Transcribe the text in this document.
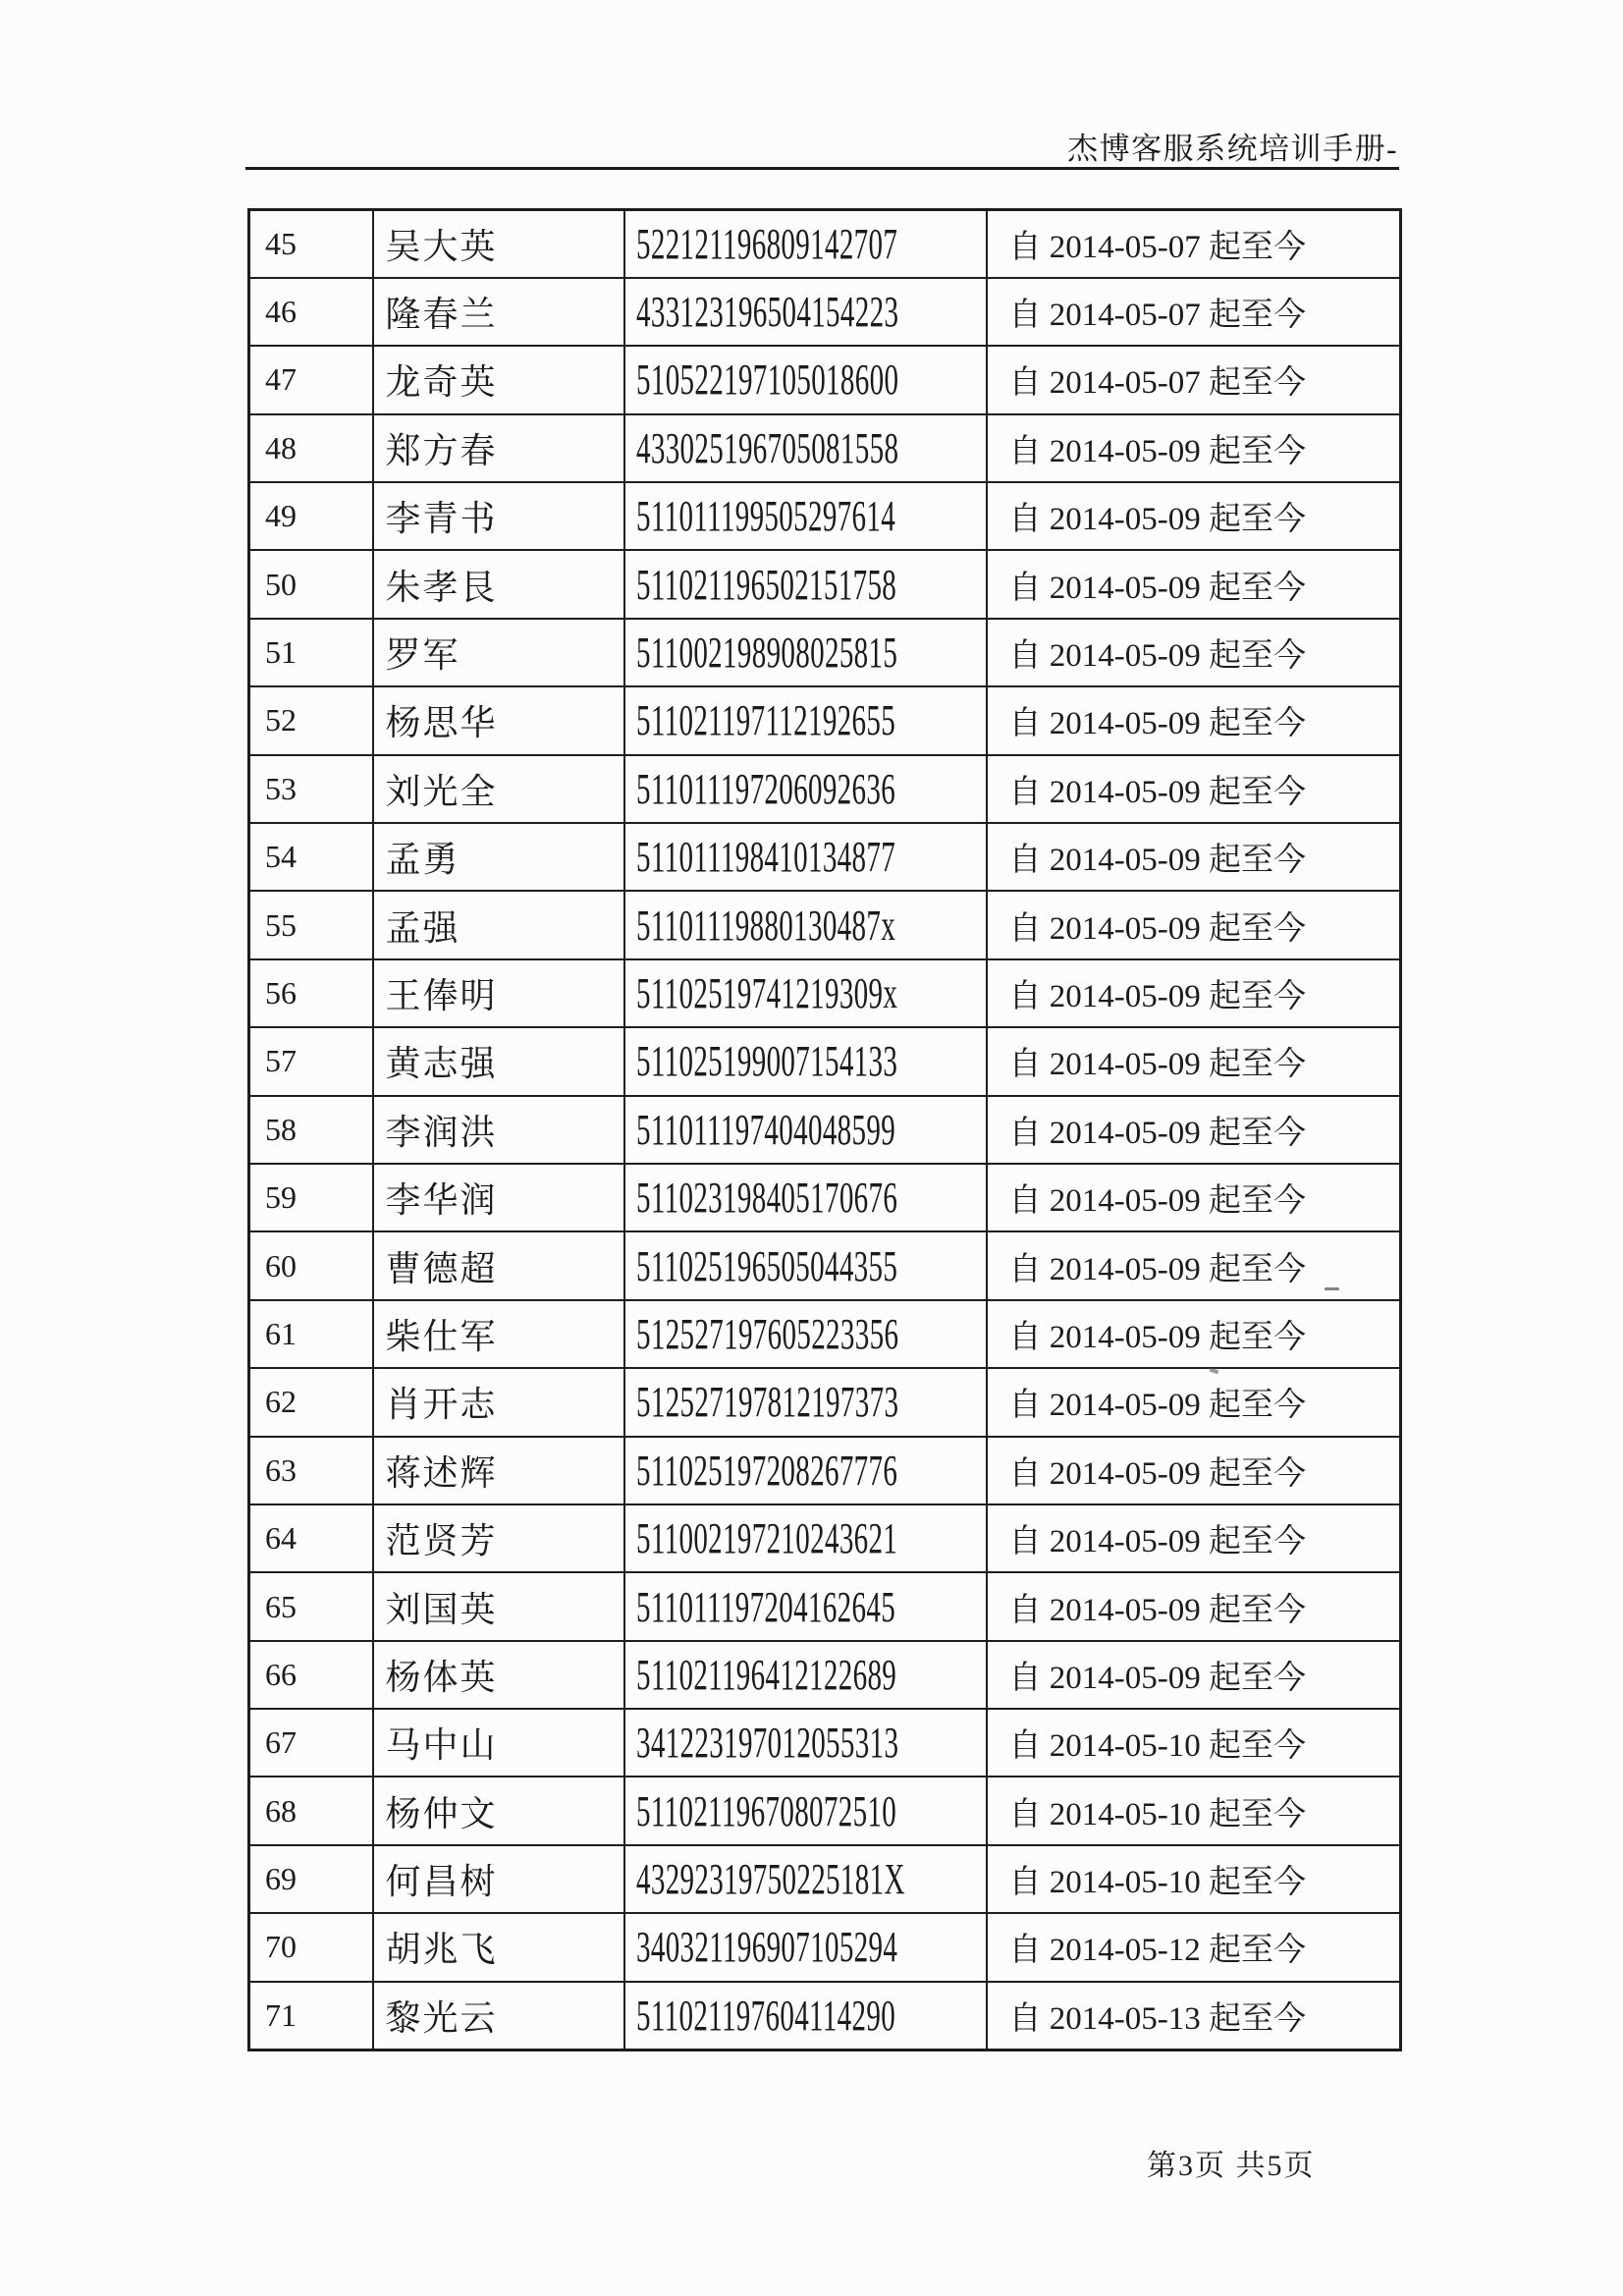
杰博客服系统培训手册-
45	吴大英	522121196809142707	自 2014-05-07 起至今
46	隆春兰	433123196504154223	自 2014-05-07 起至今
47	龙奇英	510522197105018600	自 2014-05-07 起至今
48	郑方春	433025196705081558	自 2014-05-09 起至今
49	李青书	511011199505297614	自 2014-05-09 起至今
50	朱孝艮	511021196502151758	自 2014-05-09 起至今
51	罗军	511002198908025815	自 2014-05-09 起至今
52	杨思华	511021197112192655	自 2014-05-09 起至今
53	刘光全	511011197206092636	自 2014-05-09 起至今
54	孟勇	511011198410134877	自 2014-05-09 起至今
55	孟强	51101119880130487x	自 2014-05-09 起至今
56	王俸明	51102519741219309x	自 2014-05-09 起至今
57	黄志强	511025199007154133	自 2014-05-09 起至今
58	李润洪	511011197404048599	自 2014-05-09 起至今
59	李华润	511023198405170676	自 2014-05-09 起至今
60	曹德超	511025196505044355	自 2014-05-09 起至今
61	柴仕军	512527197605223356	自 2014-05-09 起至今
62	肖开志	512527197812197373	自 2014-05-09 起至今
63	蒋述辉	511025197208267776	自 2014-05-09 起至今
64	范贤芳	511002197210243621	自 2014-05-09 起至今
65	刘国英	511011197204162645	自 2014-05-09 起至今
66	杨体英	511021196412122689	自 2014-05-09 起至今
67	马中山	341223197012055313	自 2014-05-10 起至今
68	杨仲文	511021196708072510	自 2014-05-10 起至今
69	何昌树	43292319750225181X	自 2014-05-10 起至今
70	胡兆飞	340321196907105294	自 2014-05-12 起至今
71	黎光云	511021197604114290	自 2014-05-13 起至今
第3页 共5页
